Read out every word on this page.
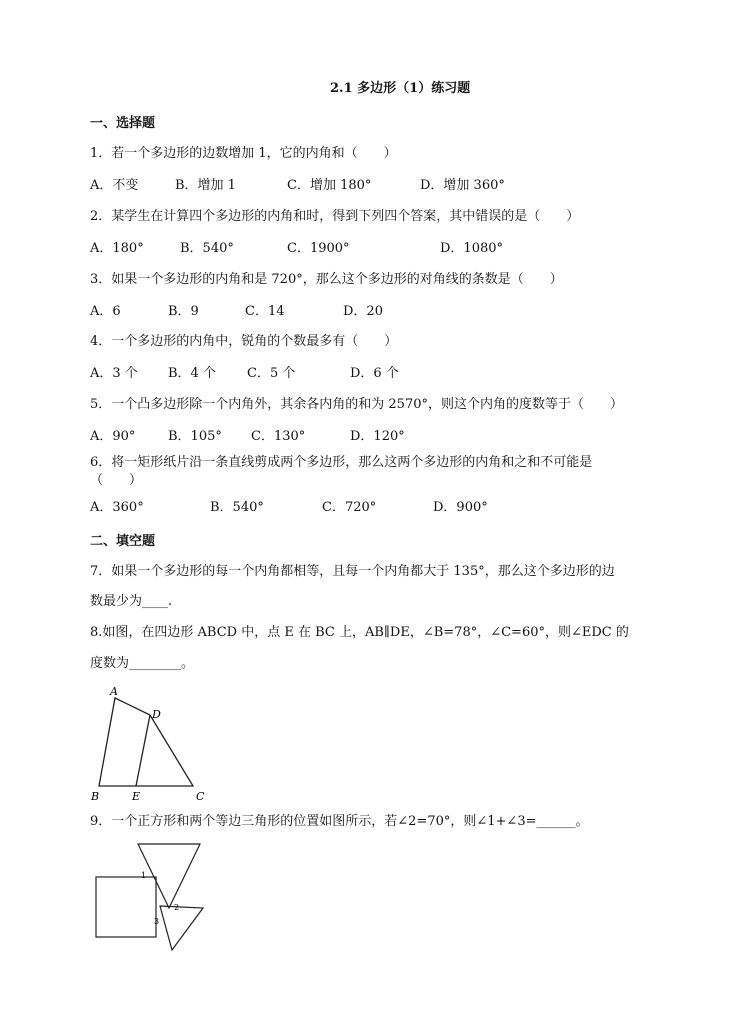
2.1 多边形（1）练习题
一、选择题
1．若一个多边形的边数增加 1，它的内角和（　　）
A．不变	B．增加 1	C．增加 180°	D．增加 360°
2．某学生在计算四个多边形的内角和时，得到下列四个答案，其中错误的是（　　）
A．180°	B．540°	C．1900°	D．1080°
3．如果一个多边形的内角和是 720°，那么这个多边形的对角线的条数是（　　）
A．6	B．9	C．14	D．20
4．一个多边形的内角中，锐角的个数最多有（　　）
A．3 个 B．4 个 C．5 个	D．6 个
5．一个凸多边形除一个内角外，其余各内角的和为 2570°，则这个内角的度数等于（　　）
A．90°	B．105° C．130°	D．120°
6．将一矩形纸片沿一条直线剪成两个多边形，那么这两个多边形的内角和之和不可能是
（　　）
A．360°	B．540°	C．720°	D．900°
二、填空题
7．如果一个多边形的每一个内角都相等，且每一个内角都大于 135°，那么这个多边形的边
数最少为____.
8.如图，在四边形 ABCD 中，点 E 在 BC 上，AB∥DE，∠B=78°，∠C=60°，则∠EDC 的
度数为________。
A
D
B	E	C
9．一个正方形和两个等边三角形的位置如图所示，若∠2=70°，则∠1+∠3=______。
1
2
3
